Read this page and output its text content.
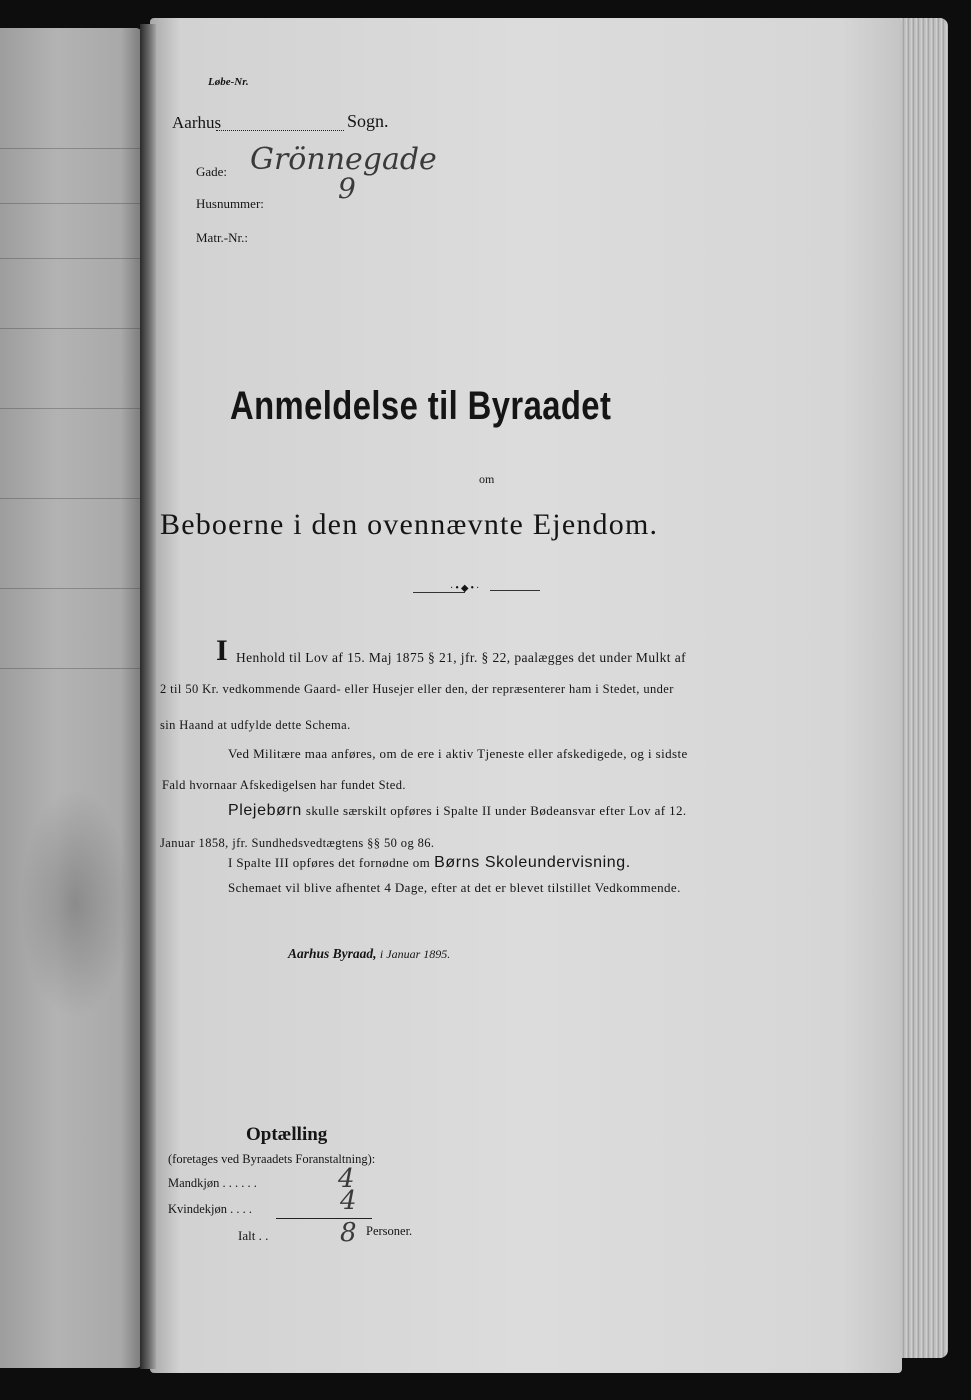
Løbe-Nr.
Aarhus	Sogn.
Gade: Grönnegade
Husnummer:	9
Matr.-Nr.:
Anmeldelse til Byraadet
om
Beboerne i den ovennævnte Ejendom.
·•◆•·
I Henhold til Lov af 15. Maj 1875 § 21, jfr. § 22, paalægges det under Mulkt af
2 til 50 Kr. vedkommende Gaard- eller Husejer eller den, der repræsenterer ham i Stedet, under
sin Haand at udfylde dette Schema.
Ved Militære maa anføres, om de ere i aktiv Tjeneste eller afskedigede, og i sidste
Fald hvornaar Afskedigelsen har fundet Sted.
Plejebørn skulle særskilt opføres i Spalte II under Bødeansvar efter Lov af 12.
Januar 1858, jfr. Sundhedsvedtægtens §§ 50 og 86.
I Spalte III opføres det fornødne om Børns Skoleundervisning.
Schemaet vil blive afhentet 4 Dage, efter at det er blevet tilstillet Vedkommende.
Aarhus Byraad, i Januar 1895.
Optælling
(foretages ved Byraadets Foranstaltning):
Mandkjøn . . . . . .	4
Kvindekjøn . . . .	4
Ialt . .	8 Personer.
